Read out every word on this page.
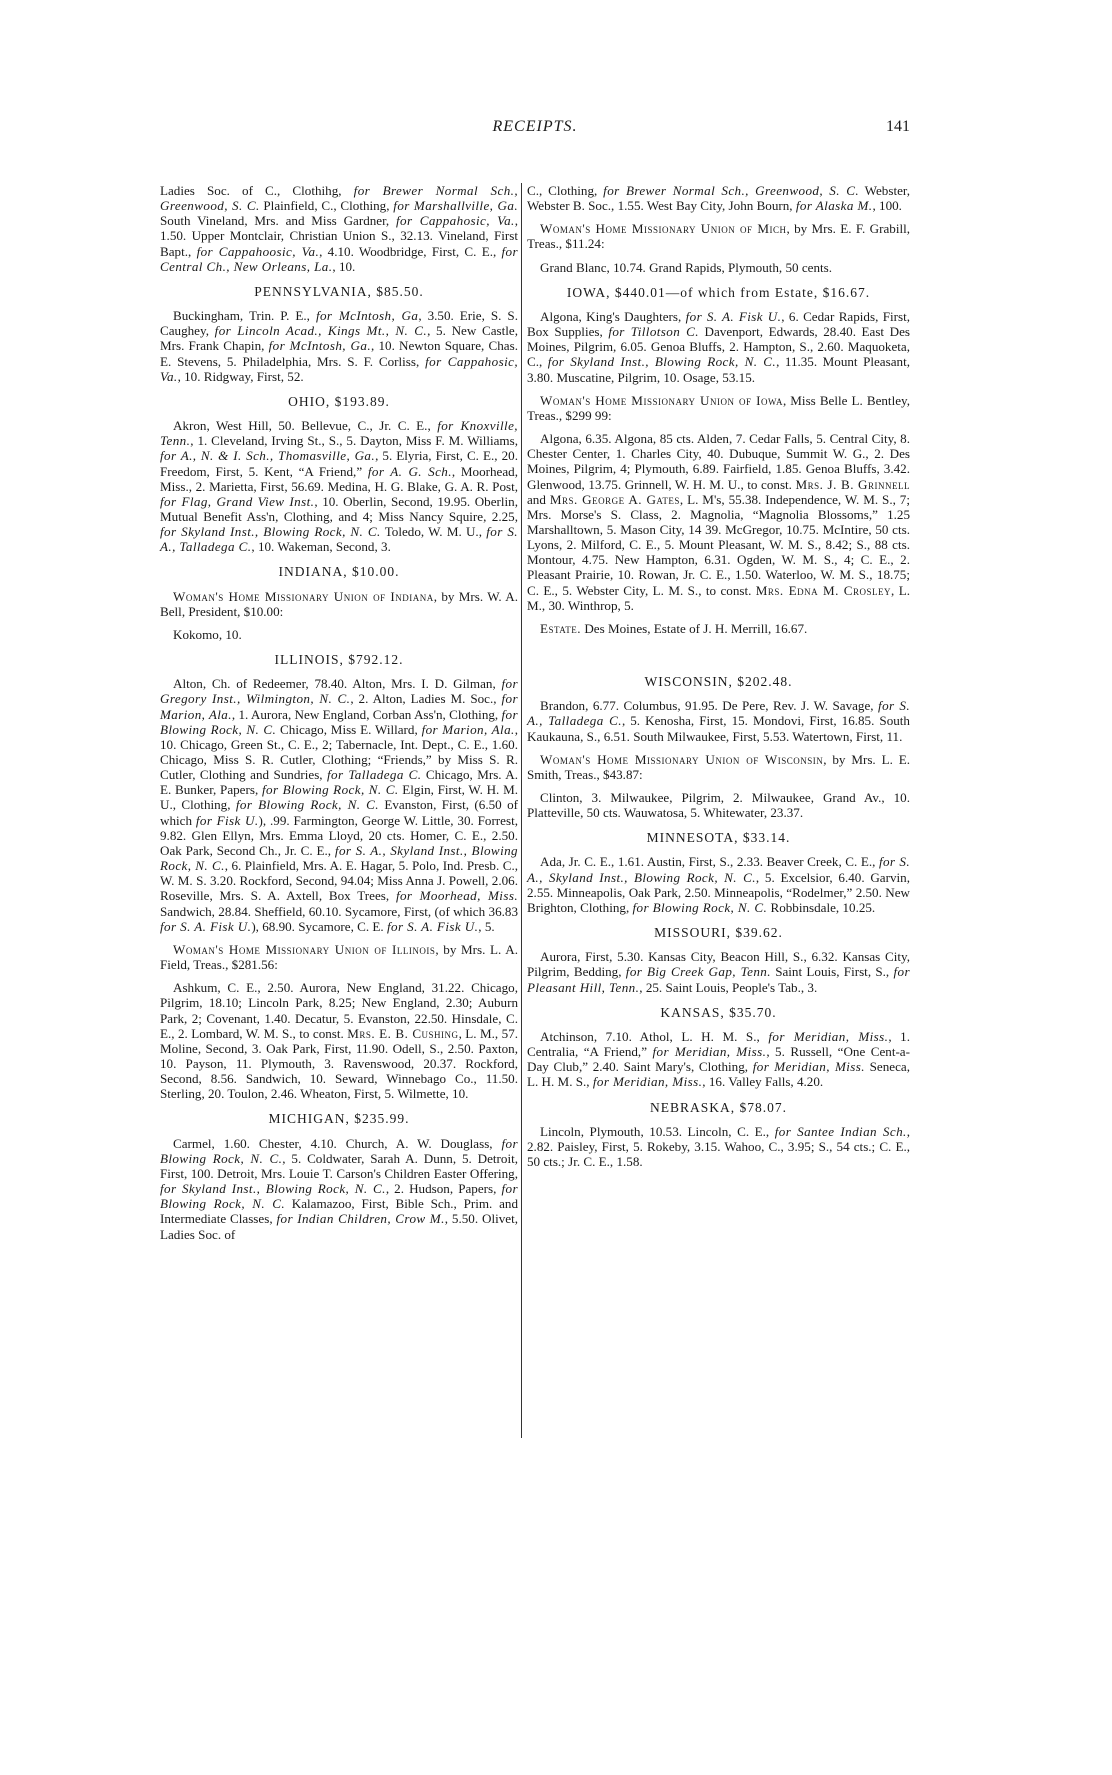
RECEIPTS.	141

Ladies Soc. of C., Clothihg, for Brewer Normal Sch., Greenwood, S. C. Plainfield, C., Clothing, for Marshallville, Ga. South Vineland, Mrs. and Miss Gardner, for Cappahosic, Va., 1.50. Upper Montclair, Christian Union S., 32.13. Vineland, First Bapt., for Cappahoosic, Va., 4.10. Woodbridge, First, C. E., for Central Ch., New Orleans, La., 10.

PENNSYLVANIA, $85.50.

Buckingham, Trin. P. E., for McIntosh, Ga, 3.50. Erie, S. S. Caughey, for Lincoln Acad., Kings Mt., N. C., 5. New Castle, Mrs. Frank Chapin, for McIntosh, Ga., 10. Newton Square, Chas. E. Stevens, 5. Philadelphia, Mrs. S. F. Corliss, for Cappahosic, Va., 10. Ridgway, First, 52.

OHIO, $193.89.

Akron, West Hill, 50. Bellevue, C., Jr. C. E., for Knoxville, Tenn., 1. Cleveland, Irving St., S., 5. Dayton, Miss F. M. Williams, for A., N. & I. Sch., Thomasville, Ga., 5. Elyria, First, C. E., 20. Freedom, First, 5. Kent, “A Friend,” for A. G. Sch., Moorhead, Miss., 2. Marietta, First, 56.69. Medina, H. G. Blake, G. A. R. Post, for Flag, Grand View Inst., 10. Oberlin, Second, 19.95. Oberlin, Mutual Benefit Ass'n, Clothing, and 4; Miss Nancy Squire, 2.25, for Skyland Inst., Blowing Rock, N. C. Toledo, W. M. U., for S. A., Talladega C., 10. Wakeman, Second, 3.

INDIANA, $10.00.

Woman's Home Missionary Union of Indiana, by Mrs. W. A. Bell, President, $10.00:

Kokomo, 10.

ILLINOIS, $792.12.

Alton, Ch. of Redeemer, 78.40. Alton, Mrs. I. D. Gilman, for Gregory Inst., Wilmington, N. C., 2. Alton, Ladies M. Soc., for Marion, Ala., 1. Aurora, New England, Corban Ass'n, Clothing, for Blowing Rock, N. C. Chicago, Miss E. Willard, for Marion, Ala., 10. Chicago, Green St., C. E., 2; Tabernacle, Int. Dept., C. E., 1.60. Chicago, Miss S. R. Cutler, Clothing; “Friends,” by Miss S. R. Cutler, Clothing and Sundries, for Talladega C. Chicago, Mrs. A. E. Bunker, Papers, for Blowing Rock, N. C. Elgin, First, W. H. M. U., Clothing, for Blowing Rock, N. C. Evanston, First, (6.50 of which for Fisk U.), .99. Farmington, George W. Little, 30. Forrest, 9.82. Glen Ellyn, Mrs. Emma Lloyd, 20 cts. Homer, C. E., 2.50. Oak Park, Second Ch., Jr. C. E., for S. A., Skyland Inst., Blowing Rock, N. C., 6. Plainfield, Mrs. A. E. Hagar, 5. Polo, Ind. Presb. C., W. M. S. 3.20. Rockford, Second, 94.04; Miss Anna J. Powell, 2.06. Roseville, Mrs. S. A. Axtell, Box Trees, for Moorhead, Miss. Sandwich, 28.84. Sheffield, 60.10. Sycamore, First, (of which 36.83 for S. A. Fisk U.), 68.90. Sycamore, C. E. for S. A. Fisk U., 5.

Woman's Home Missionary Union of Illinois, by Mrs. L. A. Field, Treas., $281.56:

Ashkum, C. E., 2.50. Aurora, New England, 31.22. Chicago, Pilgrim, 18.10; Lincoln Park, 8.25; New England, 2.30; Auburn Park, 2; Covenant, 1.40. Decatur, 5. Evanston, 22.50. Hinsdale, C. E., 2. Lombard, W. M. S., to const. Mrs. E. B. Cushing, L. M., 57. Moline, Second, 3. Oak Park, First, 11.90. Odell, S., 2.50. Paxton, 10. Payson, 11. Plymouth, 3. Ravenswood, 20.37. Rockford, Second, 8.56. Sandwich, 10. Seward, Winnebago Co., 11.50. Sterling, 20. Toulon, 2.46. Wheaton, First, 5. Wilmette, 10.

MICHIGAN, $235.99.

Carmel, 1.60. Chester, 4.10. Church, A. W. Douglass, for Blowing Rock, N. C., 5. Coldwater, Sarah A. Dunn, 5. Detroit, First, 100. Detroit, Mrs. Louie T. Carson's Children Easter Offering, for Skyland Inst., Blowing Rock, N. C., 2. Hudson, Papers, for Blowing Rock, N. C. Kalamazoo, First, Bible Sch., Prim. and Intermediate Classes, for Indian Children, Crow M., 5.50. Olivet, Ladies Soc. of

C., Clothing, for Brewer Normal Sch., Greenwood, S. C. Webster, Webster B. Soc., 1.55. West Bay City, John Bourn, for Alaska M., 100.

Woman's Home Missionary Union of Mich, by Mrs. E. F. Grabill, Treas., $11.24:

Grand Blanc, 10.74. Grand Rapids, Plymouth, 50 cents.

IOWA, $440.01—of which from Estate, $16.67.

Algona, King's Daughters, for S. A. Fisk U., 6. Cedar Rapids, First, Box Supplies, for Tillotson C. Davenport, Edwards, 28.40. East Des Moines, Pilgrim, 6.05. Genoa Bluffs, 2. Hampton, S., 2.60. Maquoketa, C., for Skyland Inst., Blowing Rock, N. C., 11.35. Mount Pleasant, 3.80. Muscatine, Pilgrim, 10. Osage, 53.15.

Woman's Home Missionary Union of Iowa, Miss Belle L. Bentley, Treas., $299 99:

Algona, 6.35. Algona, 85 cts. Alden, 7. Cedar Falls, 5. Central City, 8. Chester Center, 1. Charles City, 40. Dubuque, Summit W. G., 2. Des Moines, Pilgrim, 4; Plymouth, 6.89. Fairfield, 1.85. Genoa Bluffs, 3.42. Glenwood, 13.75. Grinnell, W. H. M. U., to const. Mrs. J. B. Grinnell and Mrs. George A. Gates, L. M's, 55.38. Independence, W. M. S., 7; Mrs. Morse's S. Class, 2. Magnolia, “Magnolia Blossoms,” 1.25 Marshalltown, 5. Mason City, 14 39. McGregor, 10.75. McIntire, 50 cts. Lyons, 2. Milford, C. E., 5. Mount Pleasant, W. M. S., 8.42; S., 88 cts. Montour, 4.75. New Hampton, 6.31. Ogden, W. M. S., 4; C. E., 2. Pleasant Prairie, 10. Rowan, Jr. C. E., 1.50. Waterloo, W. M. S., 18.75; C. E., 5. Webster City, L. M. S., to const. Mrs. Edna M. Crosley, L. M., 30. Winthrop, 5.

Estate. Des Moines, Estate of J. H. Merrill, 16.67.

WISCONSIN, $202.48.

Brandon, 6.77. Columbus, 91.95. De Pere, Rev. J. W. Savage, for S. A., Talladega C., 5. Kenosha, First, 15. Mondovi, First, 16.85. South Kaukauna, S., 6.51. South Milwaukee, First, 5.53. Watertown, First, 11.

Woman's Home Missionary Union of Wisconsin, by Mrs. L. E. Smith, Treas., $43.87:

Clinton, 3. Milwaukee, Pilgrim, 2. Milwaukee, Grand Av., 10. Platteville, 50 cts. Wauwatosa, 5. Whitewater, 23.37.

MINNESOTA, $33.14.

Ada, Jr. C. E., 1.61. Austin, First, S., 2.33. Beaver Creek, C. E., for S. A., Skyland Inst., Blowing Rock, N. C., 5. Excelsior, 6.40. Garvin, 2.55. Minneapolis, Oak Park, 2.50. Minneapolis, “Rodelmer,” 2.50. New Brighton, Clothing, for Blowing Rock, N. C. Robbinsdale, 10.25.

MISSOURI, $39.62.

Aurora, First, 5.30. Kansas City, Beacon Hill, S., 6.32. Kansas City, Pilgrim, Bedding, for Big Creek Gap, Tenn. Saint Louis, First, S., for Pleasant Hill, Tenn., 25. Saint Louis, People's Tab., 3.

KANSAS, $35.70.

Atchinson, 7.10. Athol, L. H. M. S., for Meridian, Miss., 1. Centralia, “A Friend,” for Meridian, Miss., 5. Russell, “One Cent-a-Day Club,” 2.40. Saint Mary's, Clothing, for Meridian, Miss. Seneca, L. H. M. S., for Meridian, Miss., 16. Valley Falls, 4.20.

NEBRASKA, $78.07.

Lincoln, Plymouth, 10.53. Lincoln, C. E., for Santee Indian Sch., 2.82. Paisley, First, 5. Rokeby, 3.15. Wahoo, C., 3.95; S., 54 cts.; C. E., 50 cts.; Jr. C. E., 1.58.
